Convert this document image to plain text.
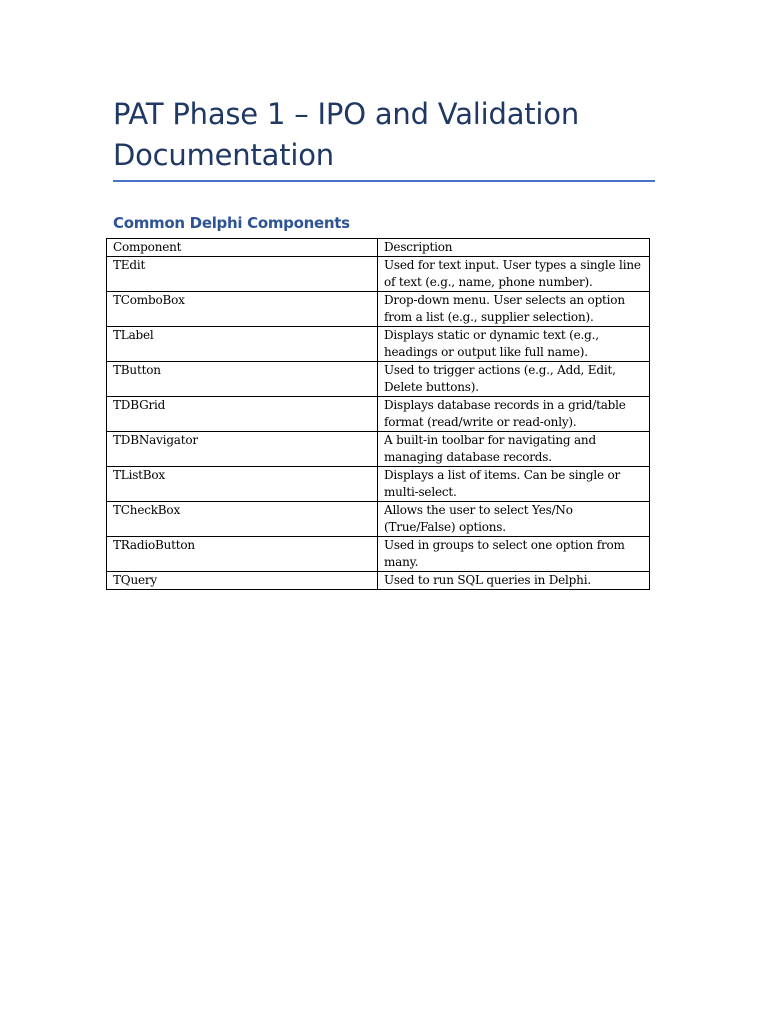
PAT Phase 1 – IPO and Validation Documentation
Common Delphi Components
Component	Description
TEdit	Used for text input. User types a single line of text (e.g., name, phone number).
TComboBox	Drop-down menu. User selects an option from a list (e.g., supplier selection).
TLabel	Displays static or dynamic text (e.g., headings or output like full name).
TButton	Used to trigger actions (e.g., Add, Edit, Delete buttons).
TDBGrid	Displays database records in a grid/table format (read/write or read-only).
TDBNavigator	A built-in toolbar for navigating and managing database records.
TListBox	Displays a list of items. Can be single or multi-select.
TCheckBox	Allows the user to select Yes/No (True/False) options.
TRadioButton	Used in groups to select one option from many.
TQuery	Used to run SQL queries in Delphi.
